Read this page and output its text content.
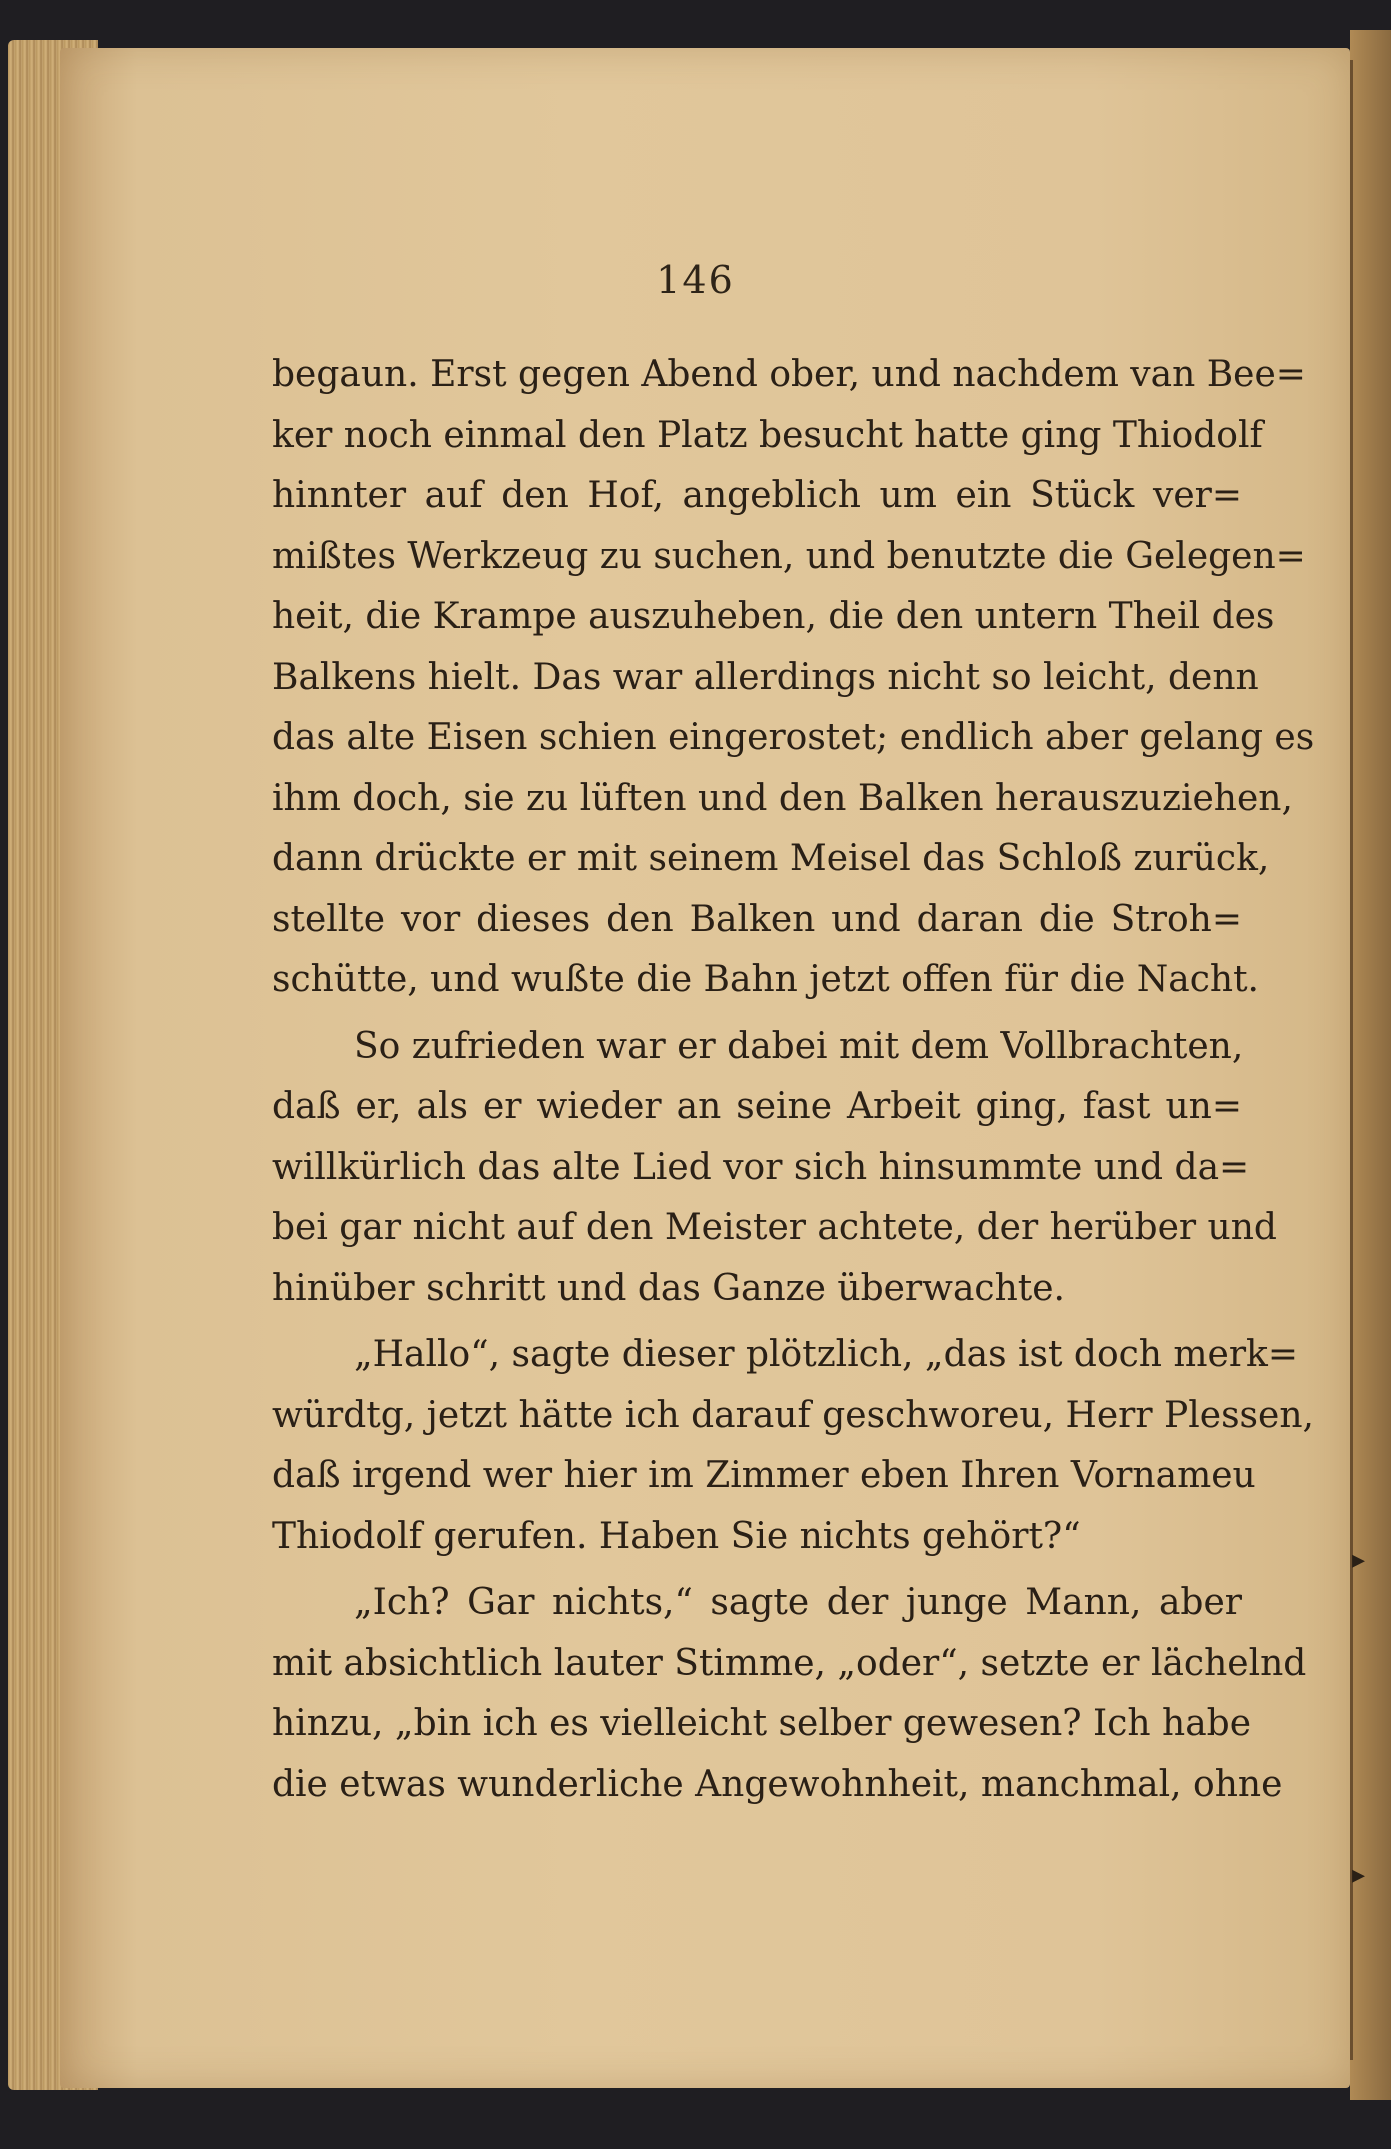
146
begaun. Erst gegen Abend ober, und nachdem van Bee=
ker noch einmal den Platz besucht hatte ging Thiodolf
hinnter auf den Hof, angeblich um ein Stück ver=
mißtes Werkzeug zu suchen, und benutzte die Gelegen=
heit, die Krampe auszuheben, die den untern Theil des
Balkens hielt. Das war allerdings nicht so leicht, denn
das alte Eisen schien eingerostet; endlich aber gelang es
ihm doch, sie zu lüften und den Balken herauszuziehen,
dann drückte er mit seinem Meisel das Schloß zurück,
stellte vor dieses den Balken und daran die Stroh=
schütte, und wußte die Bahn jetzt offen für die Nacht.
So zufrieden war er dabei mit dem Vollbrachten,
daß er, als er wieder an seine Arbeit ging, fast un=
willkürlich das alte Lied vor sich hinsummte und da=
bei gar nicht auf den Meister achtete, der herüber und
hinüber schritt und das Ganze überwachte.
„Hallo“, sagte dieser plötzlich, „das ist doch merk=
würdtg, jetzt hätte ich darauf geschworeu, Herr Plessen,
daß irgend wer hier im Zimmer eben Ihren Vornameu
Thiodolf gerufen. Haben Sie nichts gehört?“
„Ich? Gar nichts,“ sagte der junge Mann, aber
mit absichtlich lauter Stimme, „oder“, setzte er lächelnd
hinzu, „bin ich es vielleicht selber gewesen? Ich habe
die etwas wunderliche Angewohnheit, manchmal, ohne
▸
▸
